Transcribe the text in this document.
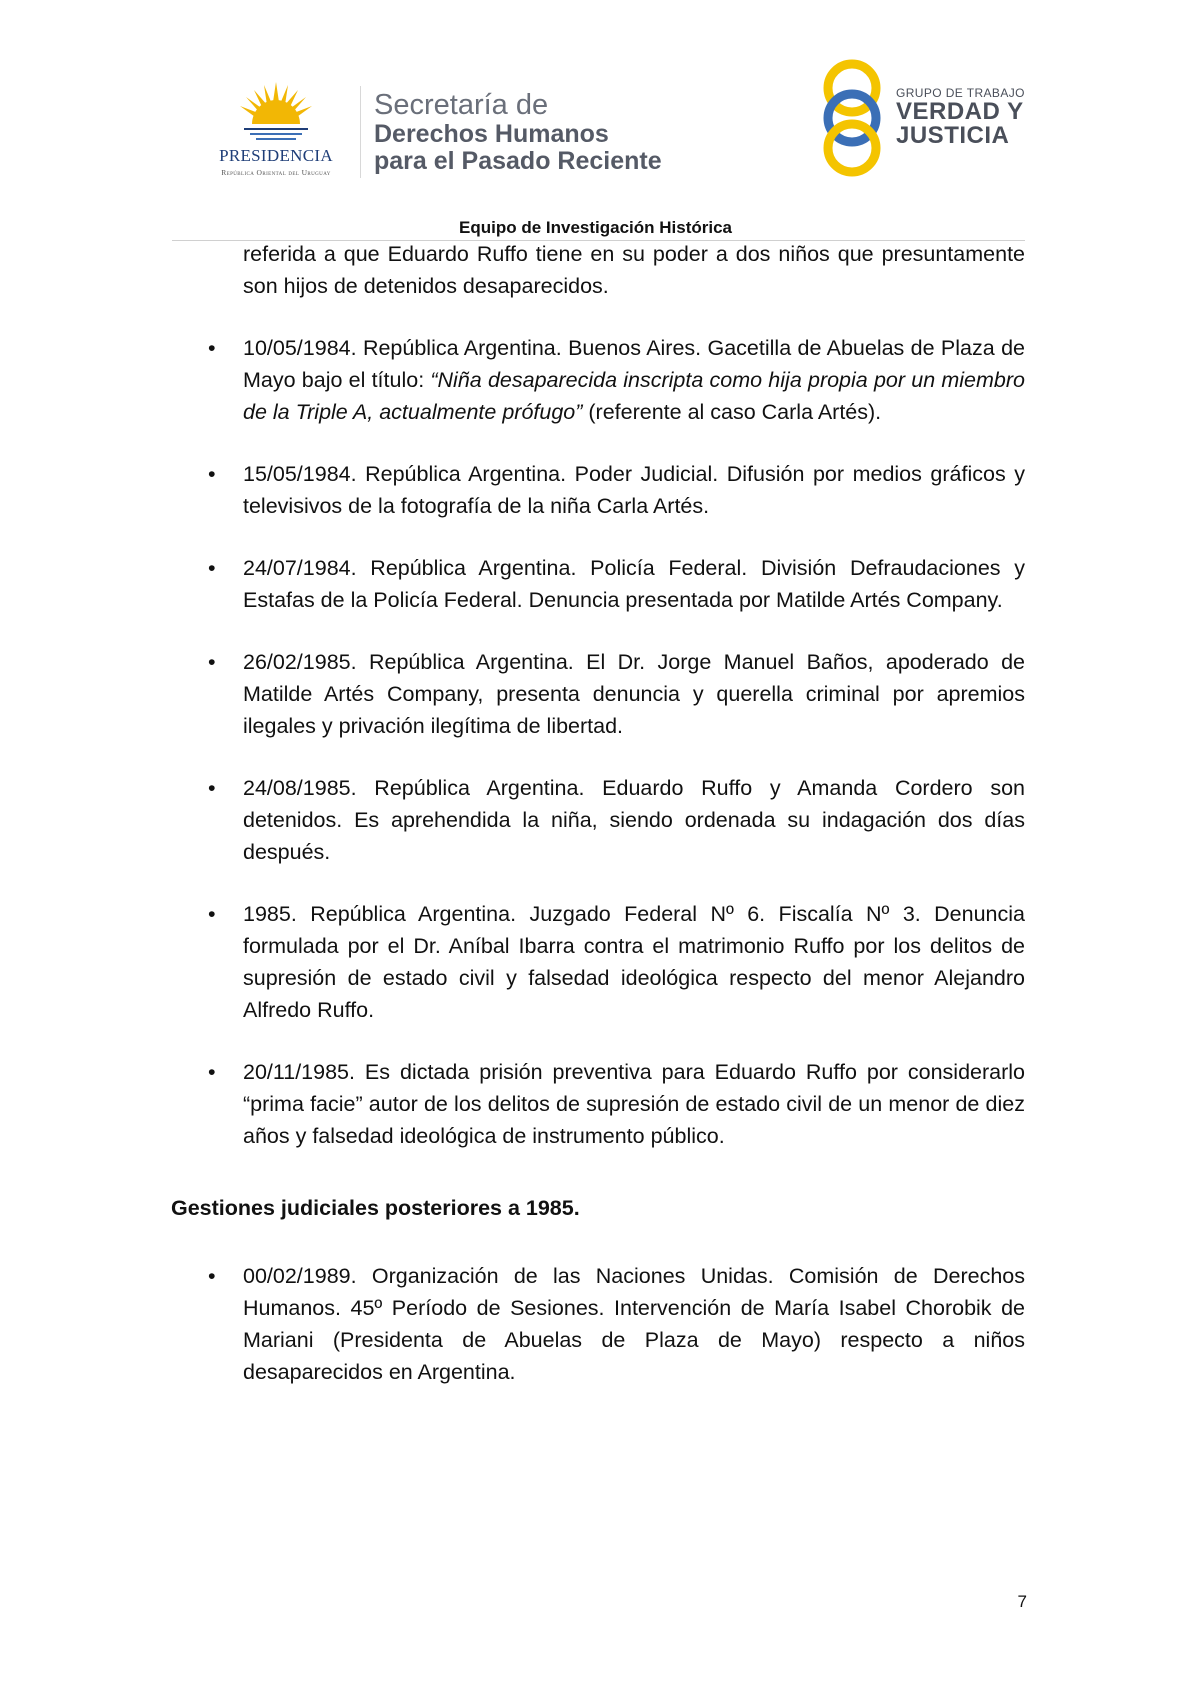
PRESIDENCIA
República Oriental del Uruguay
Secretaría de
Derechos Humanos
para el Pasado Reciente
GRUPO DE TRABAJO
VERDAD Y
JUSTICIA
Equipo de Investigación Histórica

referida a que Eduardo Ruffo tiene en su poder a dos niños que presuntamente son hijos de detenidos desaparecidos.

• 10/05/1984. República Argentina. Buenos Aires. Gacetilla de Abuelas de Plaza de Mayo bajo el título: “Niña desaparecida inscripta como hija propia por un miembro de la Triple A, actualmente prófugo” (referente al caso Carla Artés).

• 15/05/1984. República Argentina. Poder Judicial. Difusión por medios gráficos y televisivos de la fotografía de la niña Carla Artés.

• 24/07/1984. República Argentina. Policía Federal. División Defraudaciones y Estafas de la Policía Federal. Denuncia presentada por Matilde Artés Company.

• 26/02/1985. República Argentina. El Dr. Jorge Manuel Baños, apoderado de Matilde Artés Company, presenta denuncia y querella criminal por apremios ilegales y privación ilegítima de libertad.

• 24/08/1985. República Argentina. Eduardo Ruffo y Amanda Cordero son detenidos. Es aprehendida la niña, siendo ordenada su indagación dos días después.

• 1985. República Argentina. Juzgado Federal Nº 6. Fiscalía Nº 3. Denuncia formulada por el Dr. Aníbal Ibarra contra el matrimonio Ruffo por los delitos de supresión de estado civil y falsedad ideológica respecto del menor Alejandro Alfredo Ruffo.

• 20/11/1985. Es dictada prisión preventiva para Eduardo Ruffo por considerarlo “prima facie” autor de los delitos de supresión de estado civil de un menor de diez años y falsedad ideológica de instrumento público.

Gestiones judiciales posteriores a 1985.
• 00/02/1989. Organización de las Naciones Unidas. Comisión de Derechos Humanos. 45º Período de Sesiones. Intervención de María Isabel Chorobik de Mariani (Presidenta de Abuelas de Plaza de Mayo) respecto a niños desaparecidos en Argentina.

7
